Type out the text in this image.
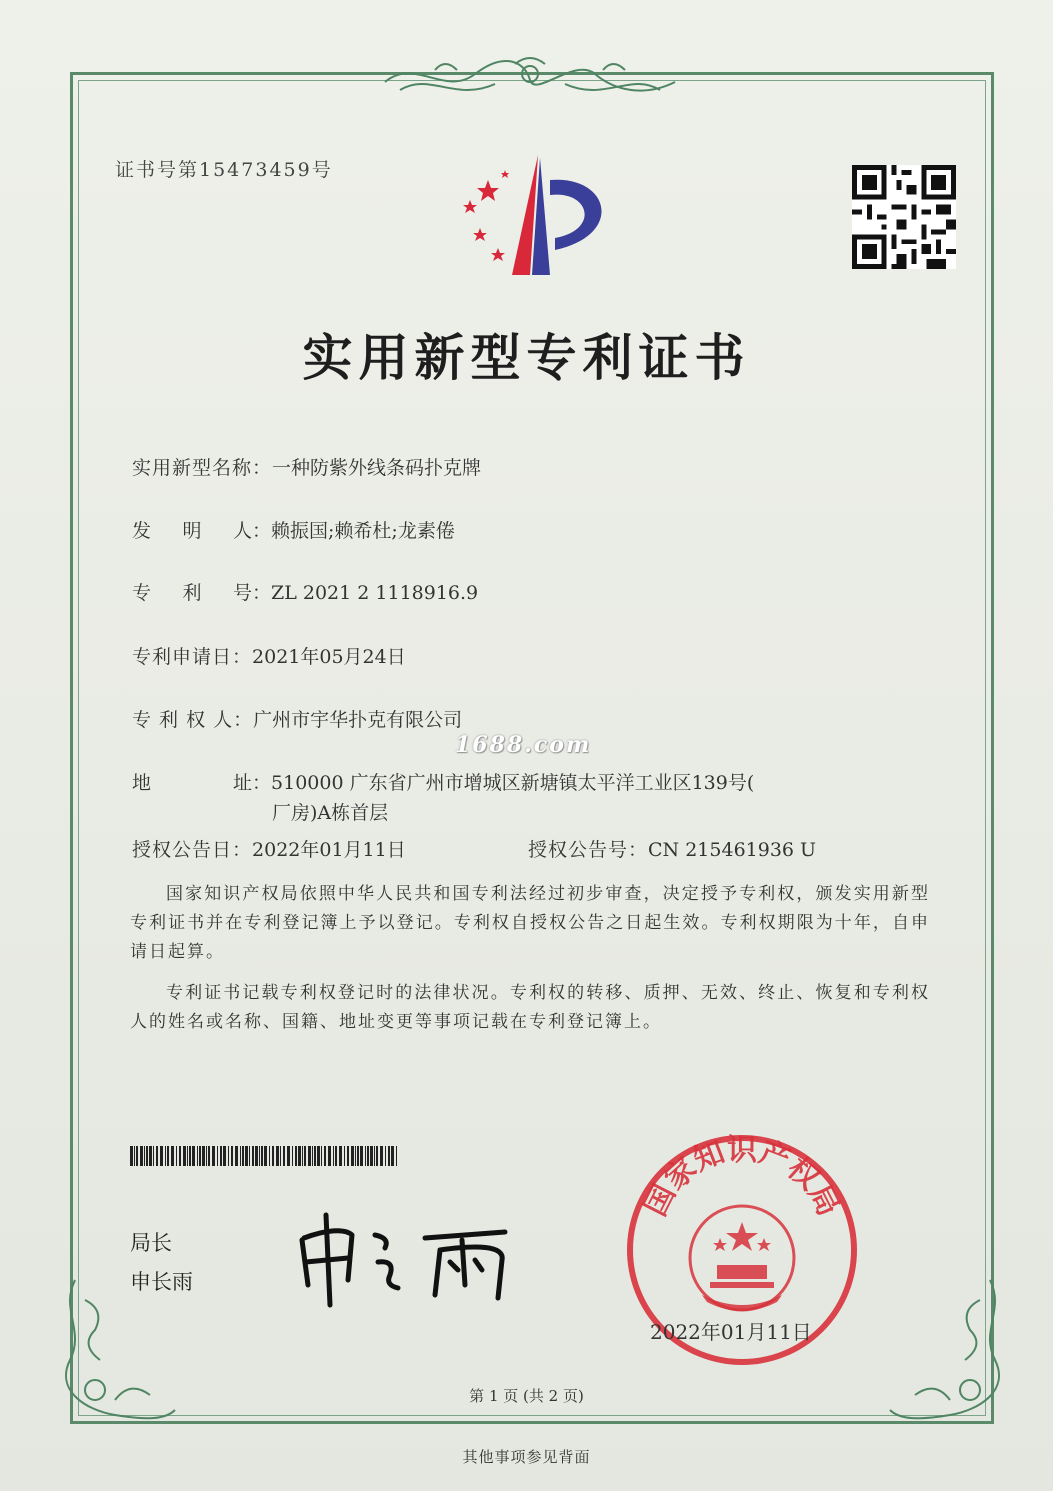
证书号第15473459号
实用新型专利证书
实用新型名称：一种防紫外线条码扑克牌
发 明 人 ：赖振国;赖希杜;龙素倦
专 利 号 ：ZL 2021 2 1118916.9
专利申请日：2021年05月24日
专 利 权 人：广州市宇华扑克有限公司
1688.com
地	址 ：510000 广东省广州市增城区新塘镇太平洋工业区139号(
厂房)A栋首层
授权公告日：2022年01月11日	授权公告号：CN 215461936 U
国家知识产权局依照中华人民共和国专利法经过初步审查，决定授予专利权，颁发实用新型专利证书并在专利登记簿上予以登记。专利权自授权公告之日起生效。专利权期限为十年，自申请日起算。
专利证书记载专利权登记时的法律状况。专利权的转移、质押、无效、终止、恢复和专利权人的姓名或名称、国籍、地址变更等事项记载在专利登记簿上。
局长
申长雨
国家知识产权局
2022年01月11日
第 1 页 (共 2 页)
其他事项参见背面
